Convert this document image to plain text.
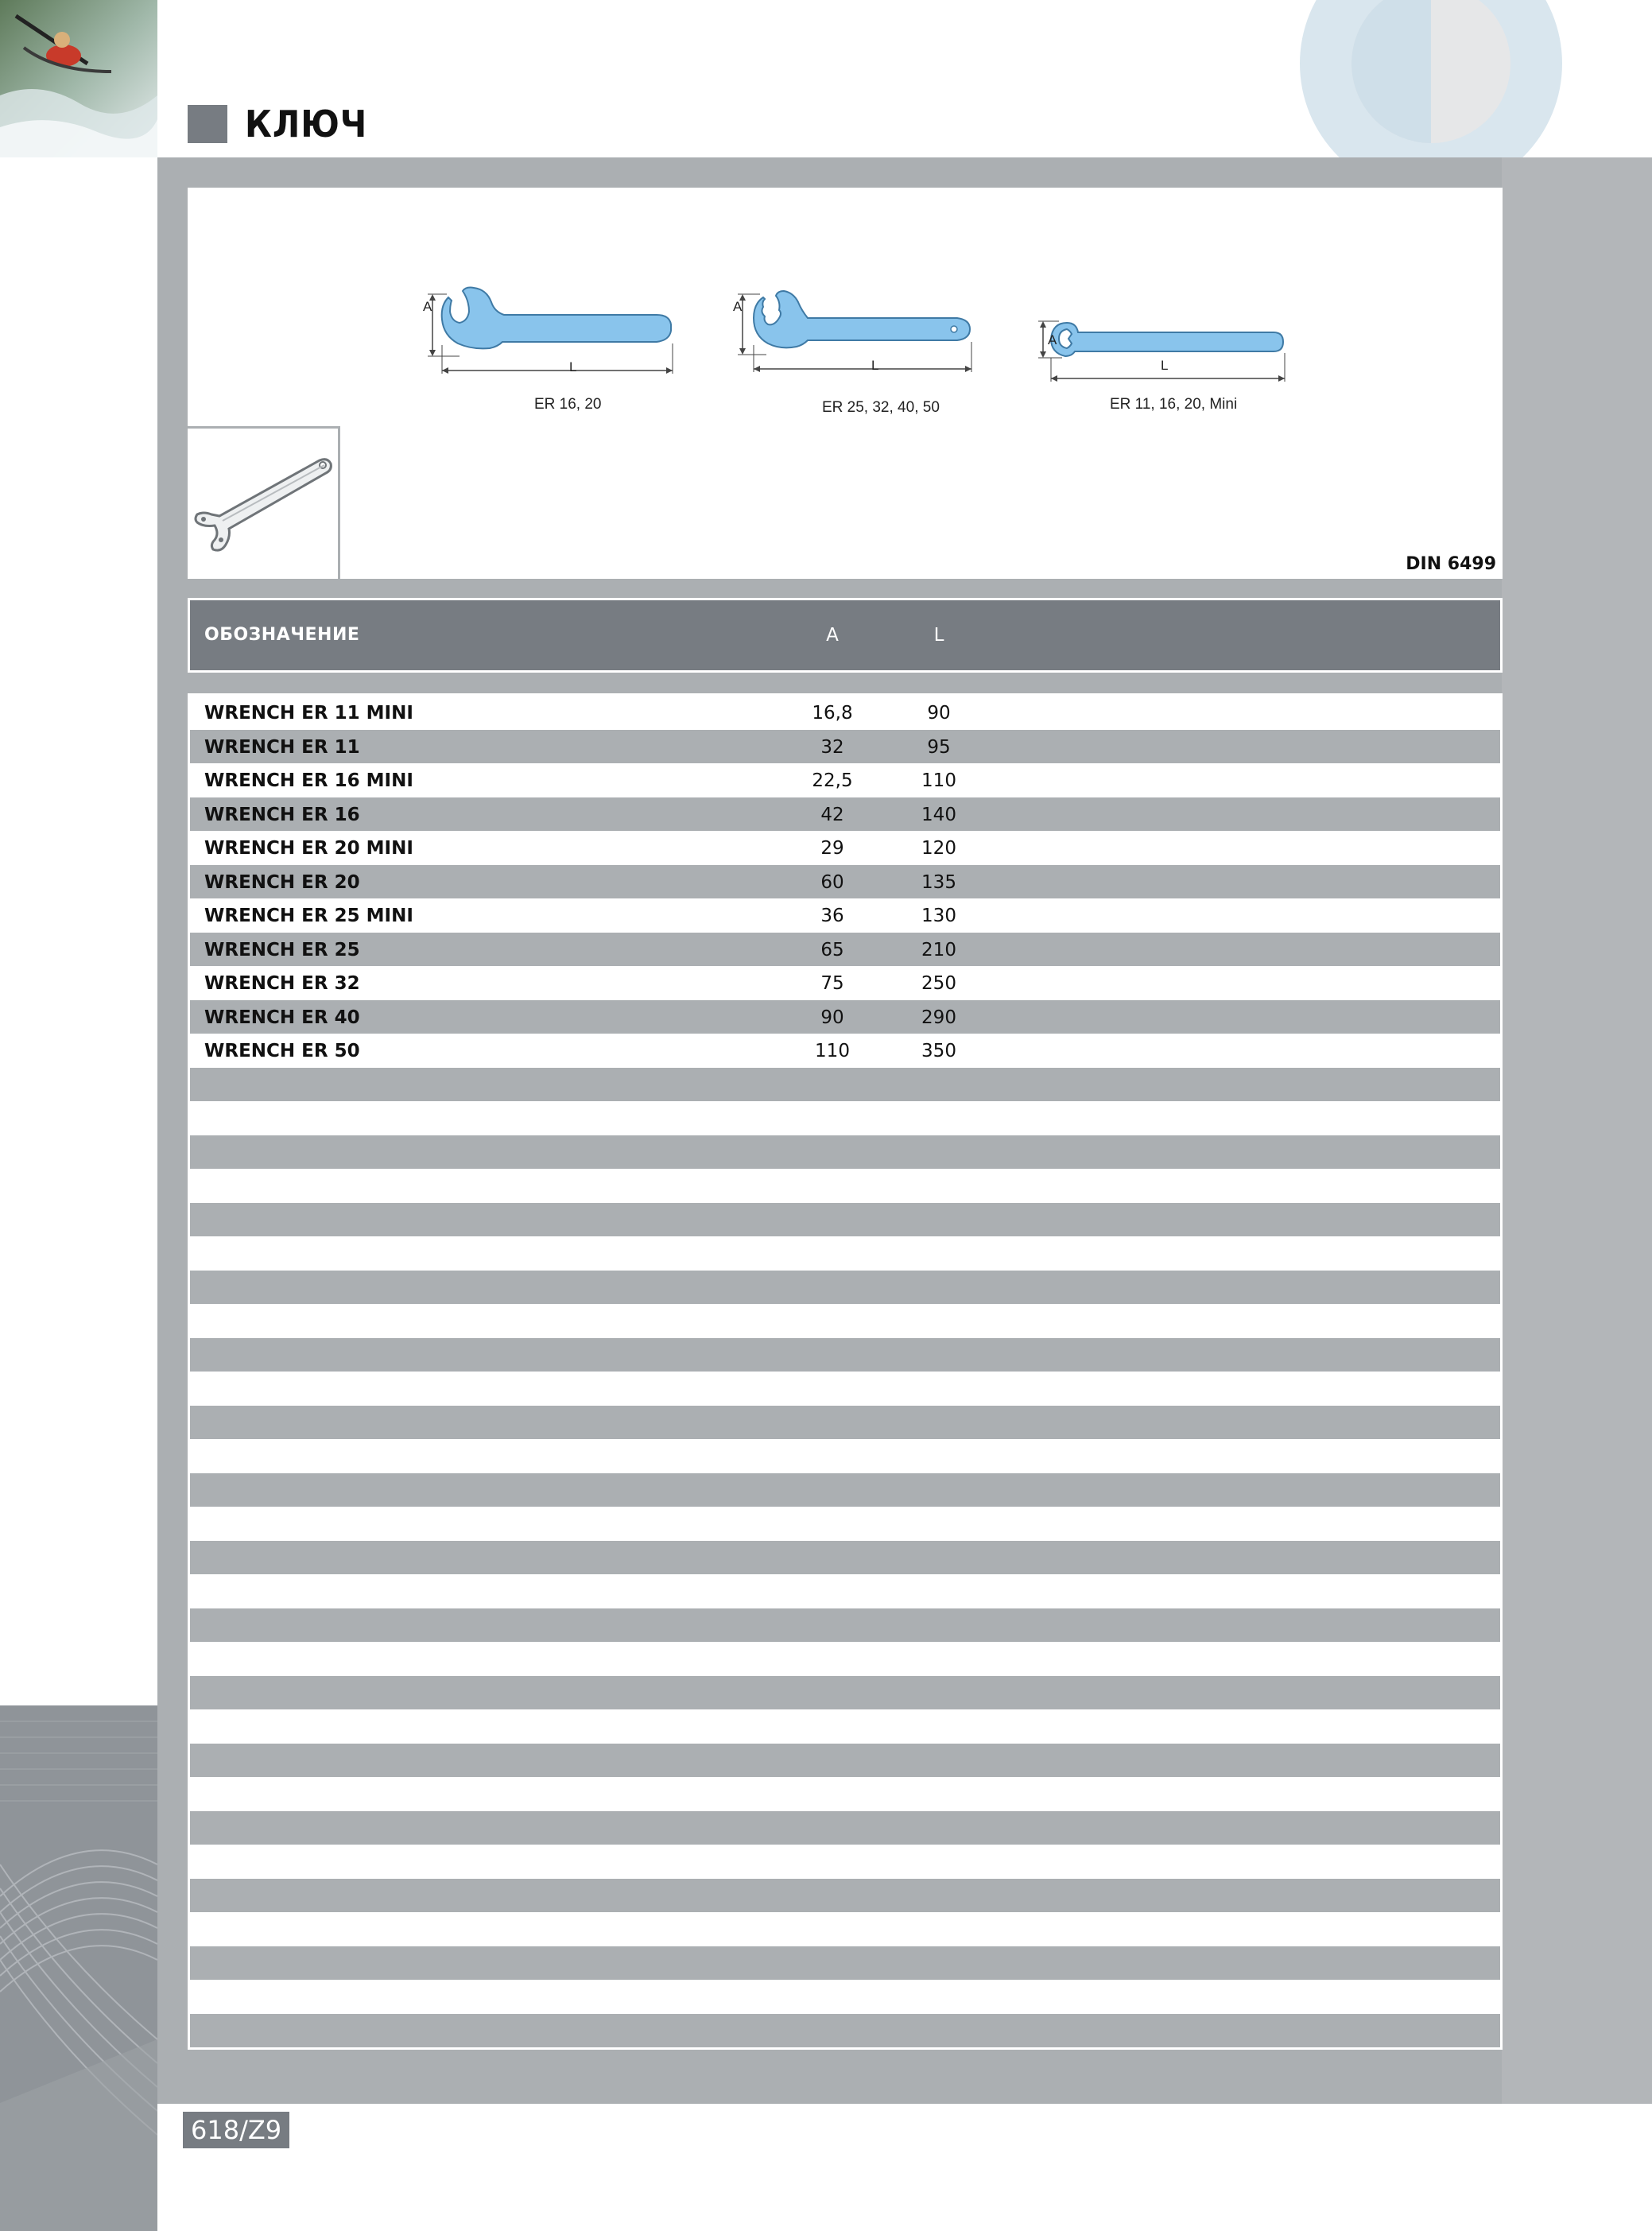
КЛЮЧ
A
L
ER 16, 20
A
L
ER 25, 32, 40, 50
A
L
ER 11, 16, 20, Mini
DIN 6499
ОБОЗНАЧЕНИЕ	A	L
WRENCH ER 11 MINI	16,8	90
WRENCH ER 11	32	95
WRENCH ER 16 MINI	22,5	110
WRENCH ER 16	42	140
WRENCH ER 20 MINI	29	120
WRENCH ER 20	60	135
WRENCH ER 25 MINI	36	130
WRENCH ER 25	65	210
WRENCH ER 32	75	250
WRENCH ER 40	90	290
WRENCH ER 50	110	350
618/Z9
